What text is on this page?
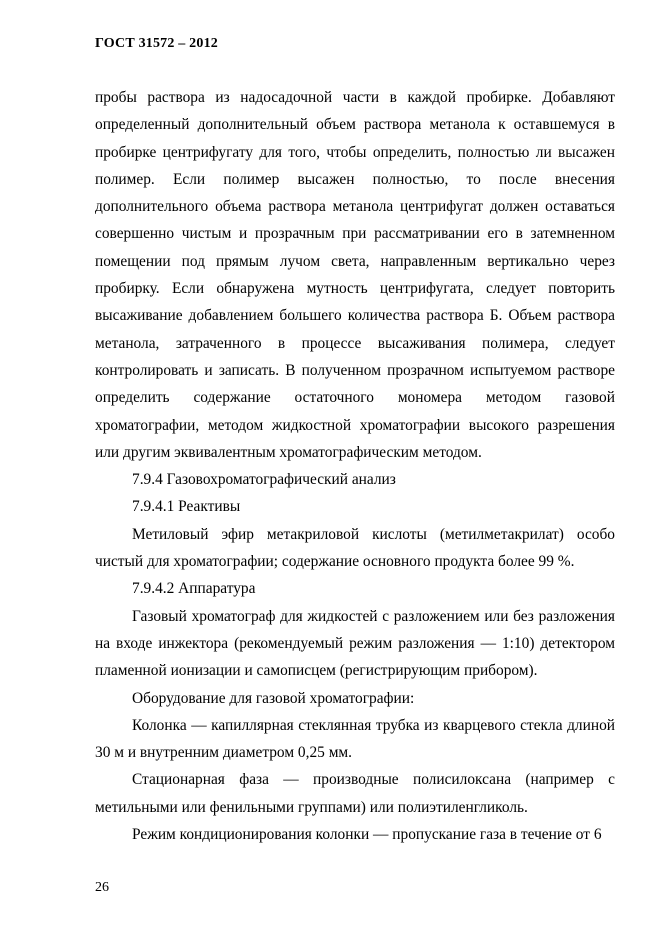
ГОСТ 31572 – 2012

пробы раствора из надосадочной части в каждой пробирке. Добавляют определенный дополнительный объем раствора метанола к оставшемуся в пробирке центрифугату для того, чтобы определить, полностью ли высажен полимер. Если полимер высажен полностью, то после внесения дополнительного объема раствора метанола центрифугат должен оставаться совершенно чистым и прозрачным при рассматривании его в затемненном помещении под прямым лучом света, направленным вертикально через пробирку. Если обнаружена мутность центрифугата, следует повторить высаживание добавлением большего количества раствора Б. Объем раствора метанола, затраченного в процессе высаживания полимера, следует контролировать и записать. В полученном прозрачном испытуемом растворе определить содержание остаточного мономера методом газовой хроматографии, методом жидкостной хроматографии высокого разрешения или другим эквивалентным хроматографическим методом.

7.9.4 Газовохроматографический анализ

7.9.4.1 Реактивы

Метиловый эфир метакриловой кислоты (метилметакрилат) особо чистый для хроматографии; содержание основного продукта более 99 %.

7.9.4.2 Аппаратура

Газовый хроматограф для жидкостей с разложением или без разложения на входе инжектора (рекомендуемый режим разложения — 1:10) детектором пламенной ионизации и самописцем (регистрирующим прибором).

Оборудование для газовой хроматографии:

Колонка — капиллярная стеклянная трубка из кварцевого стекла длиной 30 м и внутренним диаметром 0,25 мм.

Стационарная фаза — производные полисилоксана (например с метильными или фенильными группами) или полиэтиленгликоль.

Режим кондиционирования колонки — пропускание газа в течение от 6

26
